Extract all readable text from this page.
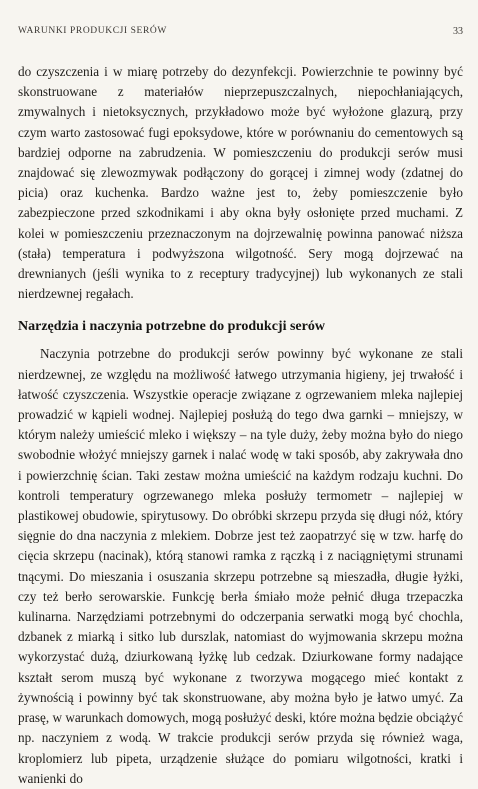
WARUNKI PRODUKCJI SERÓW	33

do czyszczenia i w miarę potrzeby do dezynfekcji. Powierzchnie te powinny być skonstruowane z materiałów nieprzepuszczalnych, niepochłaniających, zmywalnych i nietoksycznych, przykładowo może być wyłożone glazurą, przy czym warto zastosować fugi epoksydowe, które w porównaniu do cementowych są bardziej odporne na zabrudzenia. W pomieszczeniu do produkcji serów musi znajdować się zlewozmywak podłączony do gorącej i zimnej wody (zdatnej do picia) oraz kuchenka. Bardzo ważne jest to, żeby pomieszczenie było zabezpieczone przed szkodnikami i aby okna były osłonięte przed muchami. Z kolei w pomieszczeniu przeznaczonym na dojrzewalnię powinna panować niższa (stała) temperatura i podwyższona wilgotność. Sery mogą dojrzewać na drewnianych (jeśli wynika to z receptury tradycyjnej) lub wykonanych ze stali nierdzewnej regałach.

Narzędzia i naczynia potrzebne do produkcji serów

Naczynia potrzebne do produkcji serów powinny być wykonane ze stali nierdzewnej, ze względu na możliwość łatwego utrzymania higieny, jej trwałość i łatwość czyszczenia. Wszystkie operacje związane z ogrzewaniem mleka najlepiej prowadzić w kąpieli wodnej. Najlepiej posłużą do tego dwa garnki – mniejszy, w którym należy umieścić mleko i większy – na tyle duży, żeby można było do niego swobodnie włożyć mniejszy garnek i nalać wodę w taki sposób, aby zakrywała dno i powierzchnię ścian. Taki zestaw można umieścić na każdym rodzaju kuchni. Do kontroli temperatury ogrzewanego mleka posłuży termometr – najlepiej w plastikowej obudowie, spirytusowy. Do obróbki skrzepu przyda się długi nóż, który sięgnie do dna naczynia z mlekiem. Dobrze jest też zaopatrzyć się w tzw. harfę do cięcia skrzepu (nacinak), którą stanowi ramka z rączką i z naciągniętymi strunami tnącymi. Do mieszania i osuszania skrzepu potrzebne są mieszadła, długie łyżki, czy też berło serowarskie. Funkcję berła śmiało może pełnić długa trzepaczka kulinarna. Narzędziami potrzebnymi do odczerpania serwatki mogą być chochla, dzbanek z miarką i sitko lub durszlak, natomiast do wyjmowania skrzepu można wykorzystać dużą, dziurkowaną łyżkę lub cedzak. Dziurkowane formy nadające kształt serom muszą być wykonane z tworzywa mogącego mieć kontakt z żywnością i powinny być tak skonstruowane, aby można było je łatwo umyć. Za prasę, w warunkach domowych, mogą posłużyć deski, które można będzie obciążyć np. naczyniem z wodą. W trakcie produkcji serów przyda się również waga, kroplomierz lub pipeta, urządzenie służące do pomiaru wilgotności, kratki i wanienki do
